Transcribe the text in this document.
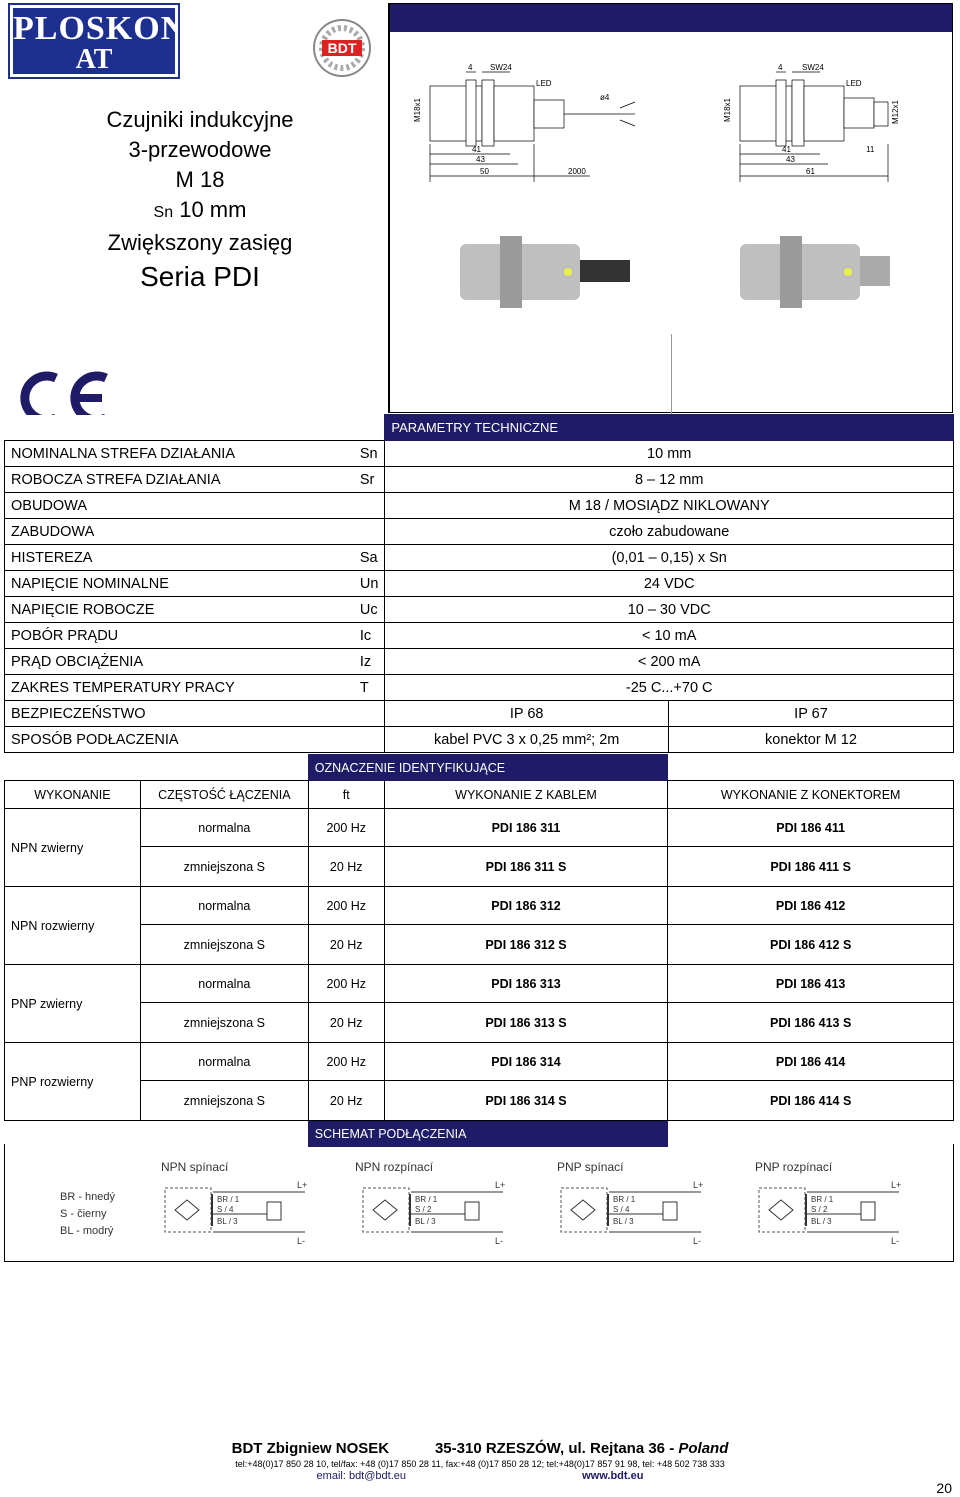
PLOSKON
AT	BDT
Czujniki indukcyjne
3-przewodowe
M 18
Sn 10 mm
Zwiększony zasięg
Seria PDI
4 SW24
LED
ø4
M18x1
41
43
50	2000
4 SW24
LED
M18x1	M12x1
41
43
61
11
		PARAMETRY TECHNICZNE	
NOMINALNA STREFA DZIAŁANIA	Sn	10 mm	
ROBOCZA STREFA DZIAŁANIA	Sr	8 – 12 mm	
OBUDOWA		M 18 / MOSIĄDZ NIKLOWANY	
ZABUDOWA		czoło zabudowane	
HISTEREZA	Sa	(0,01 – 0,15) x Sn	
NAPIĘCIE NOMINALNE	Un	24 VDC	
NAPIĘCIE ROBOCZE	Uc	10 – 30 VDC	
POBÓR PRĄDU	Ic	< 10 mA	
PRĄD OBCIĄŻENIA	Iz	< 200 mA	
ZAKRES TEMPERATURY PRACY	T	-25 C...+70 C	
BEZPIECZEŃSTWO		IP 68	IP 67
SPOSÓB PODŁACZENIA		kabel PVC 3 x 0,25 mm²; 2m	konektor M 12
		OZNACZENIE IDENTYFIKUJĄCE		
WYKONANIE	CZĘSTOŚĆ ŁĄCZENIA	ft	WYKONANIE Z KABLEM	WYKONANIE Z KONEKTOREM
NPN zwierny	normalna	200 Hz	PDI 186 311	PDI 186 411
	zmniejszona S	20 Hz	PDI 186 311 S	PDI 186 411 S
NPN rozwierny	normalna	200 Hz	PDI 186 312	PDI 186 412
	zmniejszona S	20 Hz	PDI 186 312 S	PDI 186 412 S
PNP zwierny	normalna	200 Hz	PDI 186 313	PDI 186 413
	zmniejszona S	20 Hz	PDI 186 313 S	PDI 186 413 S
PNP rozwierny	normalna	200 Hz	PDI 186 314	PDI 186 414
	zmniejszona S	20 Hz	PDI 186 314 S	PDI 186 414 S
		SCHEMAT PODŁĄCZENIA		
BR - hnedý
S - čierny
BL - modrý
NPN spínací
L+
L-
BR / 1
S / 4
BL / 3
NPN rozpínací
L+
L-
BR / 1
S / 2
BL / 3
PNP spínací
L+
L-
BR / 1
S / 4
BL / 3
PNP rozpínací
L+
L-
BR / 1
S / 2
BL / 3
BDT Zbigniew NOSEK	35-310 RZESZÓW, ul. Rejtana 36 - Poland
tel:+48(0)17 850 28 10, tel/fax: +48 (0)17 850 28 11, fax:+48 (0)17 850 28 12; tel:+48(0)17 857 91 98, tel: +48 502 738 333
email: bdt@bdt.eu	www.bdt.eu
20
